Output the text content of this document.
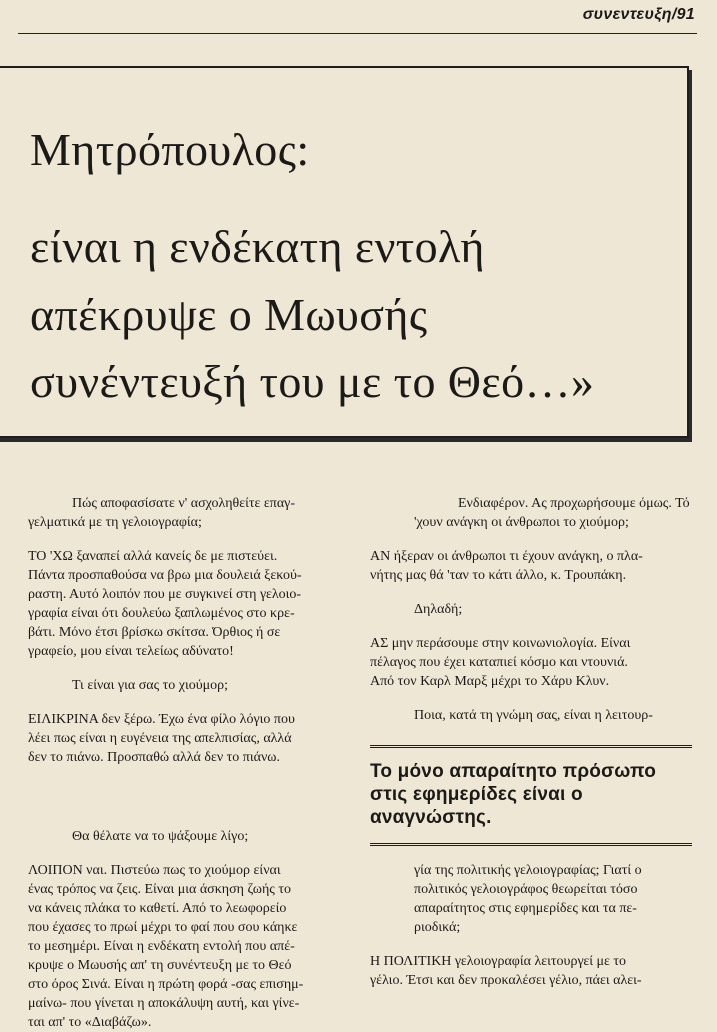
συνεντευξη/91
Μητρόπουλος:
είναι η ενδέκατη εντολή
απέκρυψε ο Μωυσής
συνέντευξή του με το Θεό…»
Πώς αποφασίσατε ν' ασχοληθείτε επαγ-
γελματικά με τη γελοιογραφία;
ΤΟ 'ΧΩ ξαναπεί αλλά κανείς δε με πιστεύει.
Πάντα προσπαθούσα να βρω μια δουλειά ξεκού-
ραστη. Αυτό λοιπόν που με συγκινεί στη γελοιο-
γραφία είναι ότι δουλεύω ξαπλωμένος στο κρε-
βάτι. Μόνο έτσι βρίσκω σκίτσα. Όρθιος ή σε
γραφείο, μου είναι τελείως αδύνατο!
Τι είναι για σας το χιούμορ;
ΕΙΛΙΚΡΙΝΑ δεν ξέρω. Έχω ένα φίλο λόγιο που
λέει πως είναι η ευγένεια της απελπισίας, αλλά
δεν το πιάνω. Προσπαθώ αλλά δεν το πιάνω.
Θα θέλατε να το ψάξουμε λίγο;
ΛΟΙΠΟΝ ναι. Πιστεύω πως το χιούμορ είναι
ένας τρόπος να ζεις. Είναι μια άσκηση ζωής το
να κάνεις πλάκα το καθετί. Από το λεωφορείο
που έχασες το πρωί μέχρι το φαί που σου κάηκε
το μεσημέρι. Είναι η ενδέκατη εντολή που απέ-
κρυψε ο Μωυσής απ' τη συνέντευξη με το Θεό
στο όρος Σινά. Είναι η πρώτη φορά -σας επισημ-
μαίνω- που γίνεται η αποκάλυψη αυτή, και γίνε-
ται απ' το «Διαβάζω».
Ενδιαφέρον. Ας προχωρήσουμε όμως. Τό
'χουν ανάγκη οι άνθρωποι το χιούμορ;
ΑΝ ήξεραν οι άνθρωποι τι έχουν ανάγκη, ο πλα-
νήτης μας θά 'ταν το κάτι άλλο, κ. Τρουπάκη.
Δηλαδή;
ΑΣ μην περάσουμε στην κοινωνιολογία. Είναι
πέλαγος που έχει καταπιεί κόσμο και ντουνιά.
Από τον Καρλ Μαρξ μέχρι το Χάρυ Κλυν.
Ποια, κατά τη γνώμη σας, είναι η λειτουρ-
Το μόνο απαραίτητο πρόσωπο
στις εφημερίδες είναι ο
αναγνώστης.
γία της πολιτικής γελοιογραφίας; Γιατί ο
πολιτικός γελοιογράφος θεωρείται τόσο
απαραίτητος στις εφημερίδες και τα πε-
ριοδικά;
Η ΠΟΛΙΤΙΚΗ γελοιογραφία λειτουργεί με το
γέλιο. Έτσι και δεν προκαλέσει γέλιο, πάει αλει-
